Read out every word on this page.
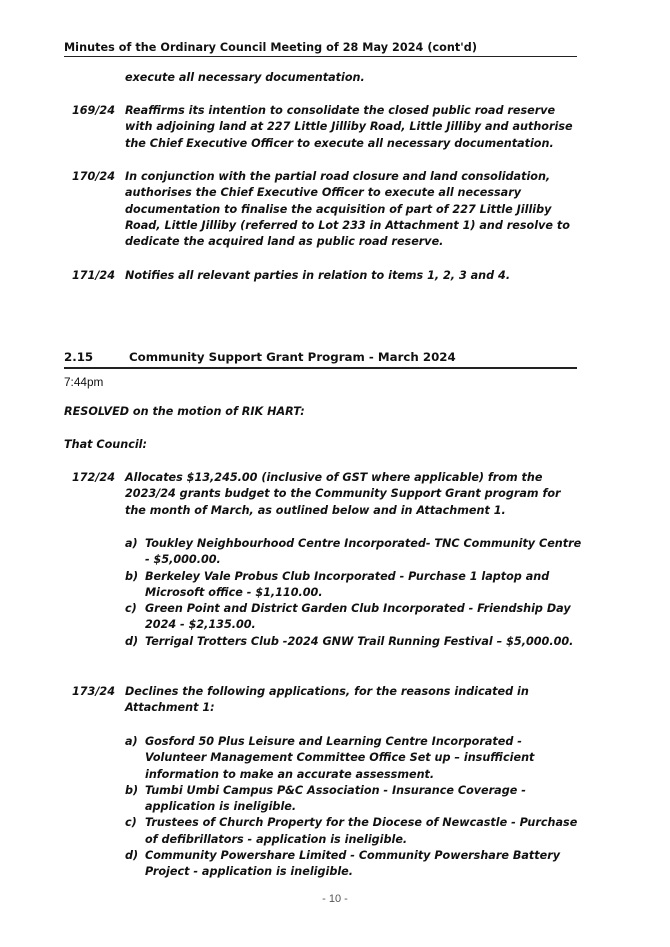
Minutes of the Ordinary Council Meeting of 28 May 2024 (cont'd)
execute all necessary documentation.
169/24 Reaffirms its intention to consolidate the closed public road reserve with adjoining land at 227 Little Jilliby Road, Little Jilliby and authorise the Chief Executive Officer to execute all necessary documentation.
170/24 In conjunction with the partial road closure and land consolidation, authorises the Chief Executive Officer to execute all necessary documentation to finalise the acquisition of part of 227 Little Jilliby Road, Little Jilliby (referred to Lot 233 in Attachment 1) and resolve to dedicate the acquired land as public road reserve.
171/24 Notifies all relevant parties in relation to items 1, 2, 3 and 4.
2.15	Community Support Grant Program - March 2024
7:44pm
RESOLVED on the motion of RIK HART:
That Council:
172/24 Allocates $13,245.00 (inclusive of GST where applicable) from the 2023/24 grants budget to the Community Support Grant program for the month of March, as outlined below and in Attachment 1.
a) Toukley Neighbourhood Centre Incorporated- TNC Community Centre - $5,000.00.
b) Berkeley Vale Probus Club Incorporated - Purchase 1 laptop and Microsoft office - $1,110.00.
c) Green Point and District Garden Club Incorporated - Friendship Day 2024 - $2,135.00.
d) Terrigal Trotters Club -2024 GNW Trail Running Festival – $5,000.00.
173/24 Declines the following applications, for the reasons indicated in Attachment 1:
a) Gosford 50 Plus Leisure and Learning Centre Incorporated - Volunteer Management Committee Office Set up – insufficient information to make an accurate assessment.
b) Tumbi Umbi Campus P&C Association - Insurance Coverage -application is ineligible.
c) Trustees of Church Property for the Diocese of Newcastle - Purchase of defibrillators - application is ineligible.
d) Community Powershare Limited - Community Powershare Battery Project - application is ineligible.
- 10 -
